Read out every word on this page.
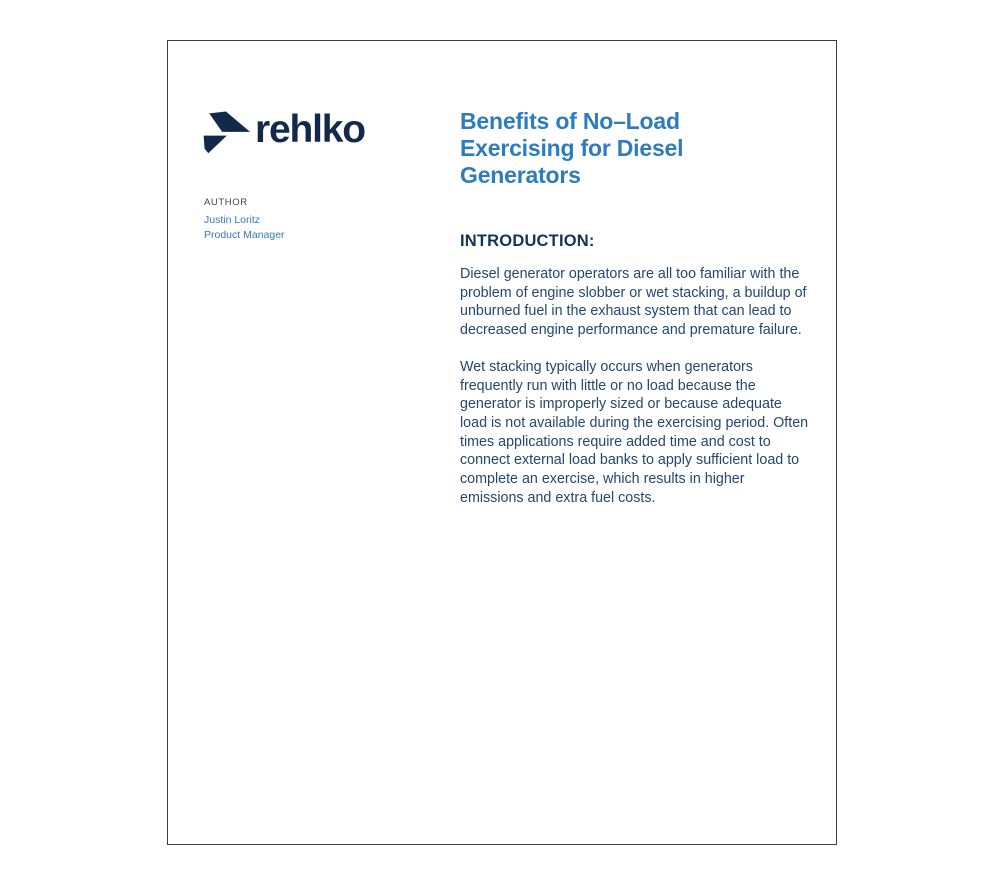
rehlko
AUTHOR
Justin Loritz
Product Manager
Benefits of No–Load Exercising for Diesel Generators
INTRODUCTION:

Diesel generator operators are all too familiar with the problem of engine slobber or wet stacking, a buildup of unburned fuel in the exhaust system that can lead to decreased engine performance and premature failure.

Wet stacking typically occurs when generators frequently run with little or no load because the generator is improperly sized or because adequate load is not available during the exercising period. Often times applications require added time and cost to connect external load banks to apply sufficient load to complete an exercise, which results in higher emissions and extra fuel costs.
